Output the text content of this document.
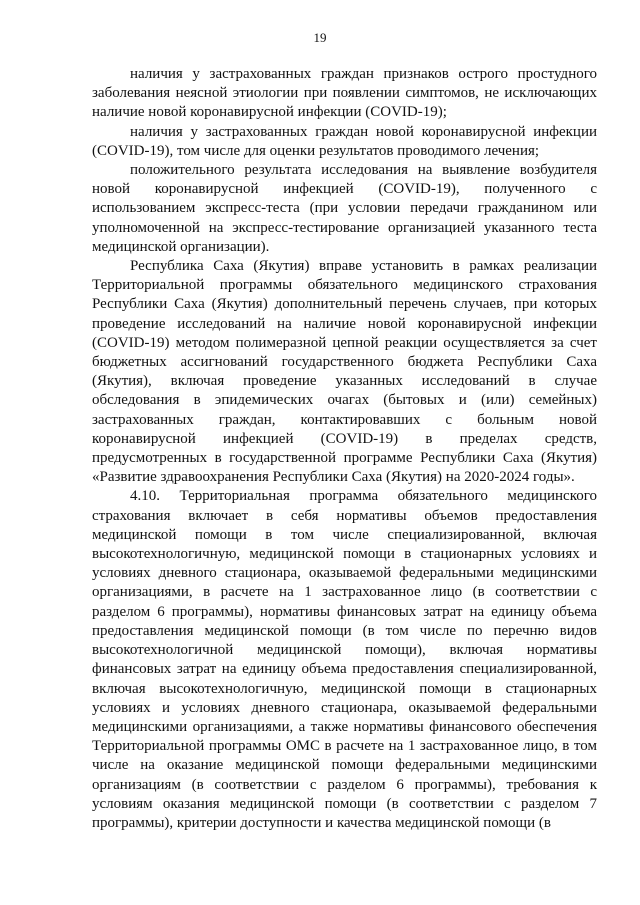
19

наличия у застрахованных граждан признаков острого простудного заболевания неясной этиологии при появлении симптомов, не исключающих наличие новой коронавирусной инфекции (COVID-19);

наличия у застрахованных граждан новой коронавирусной инфекции (COVID-19), том числе для оценки результатов проводимого лечения;

положительного результата исследования на выявление возбудителя новой коронавирусной инфекцией (COVID-19), полученного с использованием экспресс-теста (при условии передачи гражданином или уполномоченной на экспресс-тестирование организацией указанного теста медицинской организации).

Республика Саха (Якутия) вправе установить в рамках реализации Территориальной программы обязательного медицинского страхования Республики Саха (Якутия) дополнительный перечень случаев, при которых проведение исследований на наличие новой коронавирусной инфекции (COVID-19) методом полимеразной цепной реакции осуществляется за счет бюджетных ассигнований государственного бюджета Республики Саха (Якутия), включая проведение указанных исследований в случае обследования в эпидемических очагах (бытовых и (или) семейных) застрахованных граждан, контактировавших с больным новой коронавирусной инфекцией (COVID-19) в пределах средств, предусмотренных в государственной программе Республики Саха (Якутия) «Развитие здравоохранения Республики Саха (Якутия) на 2020-2024 годы».

4.10. Территориальная программа обязательного медицинского страхования включает в себя нормативы объемов предоставления медицинской помощи в том числе специализированной, включая высокотехнологичную, медицинской помощи в стационарных условиях и условиях дневного стационара, оказываемой федеральными медицинскими организациями, в расчете на 1 застрахованное лицо (в соответствии с разделом 6 программы), нормативы финансовых затрат на единицу объема предоставления медицинской помощи (в том числе по перечню видов высокотехнологичной медицинской помощи), включая нормативы финансовых затрат на единицу объема предоставления специализированной, включая высокотехнологичную, медицинской помощи в стационарных условиях и условиях дневного стационара, оказываемой федеральными медицинскими организациями, а также нормативы финансового обеспечения Территориальной программы ОМС в расчете на 1 застрахованное лицо, в том числе на оказание медицинской помощи федеральными медицинскими организациям (в соответствии с разделом 6 программы), требования к условиям оказания медицинской помощи (в соответствии с разделом 7 программы), критерии доступности и качества медицинской помощи (в
